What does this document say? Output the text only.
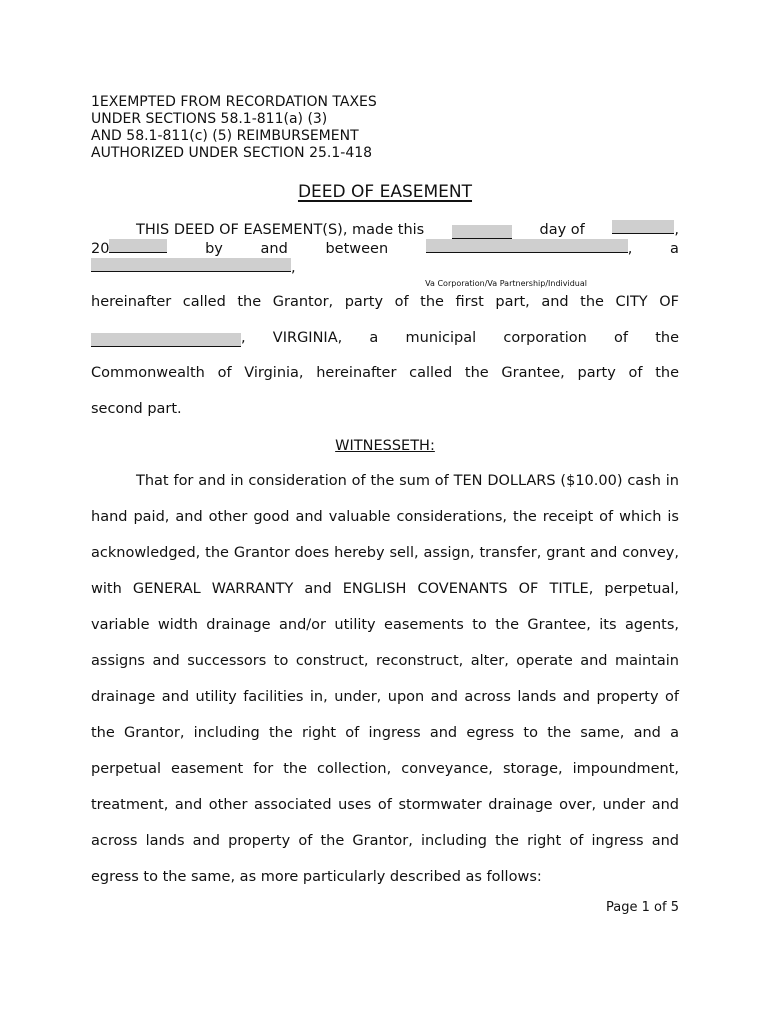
1EXEMPTED FROM RECORDATION TAXES
UNDER SECTIONS 58.1-811(a) (3)
AND 58.1-811(c) (5) REIMBURSEMENT
AUTHORIZED UNDER SECTION 25.1-418
DEED OF EASEMENT
THIS DEED OF EASEMENT(S), made this	day of	,
20	by	and	between	,	a
,
Va Corporation/Va Partnership/Individual
hereinafter called the Grantor, party of the first part, and the CITY OF
, VIRGINIA, a municipal corporation of the
Commonwealth of Virginia, hereinafter called the Grantee, party of the
second part.
WITNESSETH:
That for and in consideration of the sum of TEN DOLLARS ($10.00) cash in hand paid, and other good and valuable considerations, the receipt of which is acknowledged, the Grantor does hereby sell, assign, transfer, grant and convey, with GENERAL WARRANTY and ENGLISH COVENANTS OF TITLE, perpetual, variable width drainage and/or utility easements to the Grantee, its agents, assigns and successors to construct, reconstruct, alter, operate and maintain drainage and utility facilities in, under, upon and across lands and property of the Grantor, including the right of ingress and egress to the same, and a perpetual easement for the collection, conveyance, storage, impoundment, treatment, and other associated uses of stormwater drainage over, under and across lands and property of the Grantor, including the right of ingress and egress to the same, as more particularly described as follows:
Page 1 of 5
